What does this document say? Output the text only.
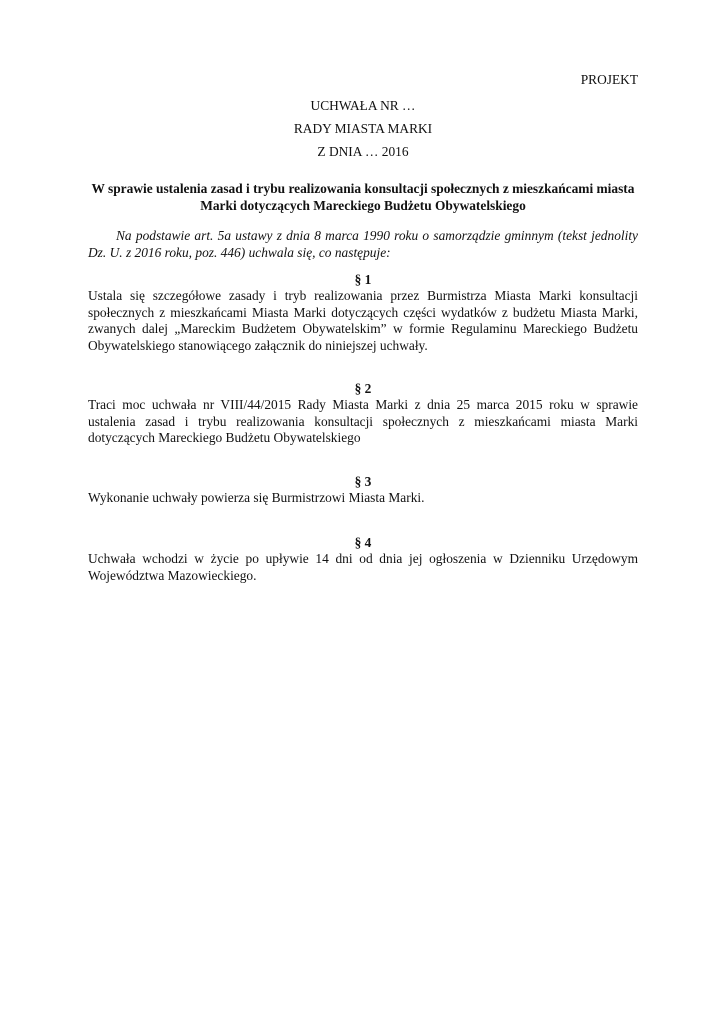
PROJEKT

UCHWAŁA NR …

RADY MIASTA MARKI

Z DNIA … 2016

W sprawie ustalenia zasad i trybu realizowania konsultacji społecznych z mieszkańcami miasta Marki dotyczących Mareckiego Budżetu Obywatelskiego

Na podstawie art. 5a ustawy z dnia 8 marca 1990 roku o samorządzie gminnym (tekst jednolity Dz. U. z 2016 roku, poz. 446) uchwala się, co następuje:

§ 1

Ustala się szczegółowe zasady i tryb realizowania przez Burmistrza Miasta Marki konsultacji społecznych z mieszkańcami Miasta Marki dotyczących części wydatków z budżetu Miasta Marki, zwanych dalej „Mareckim Budżetem Obywatelskim” w formie Regulaminu Mareckiego Budżetu Obywatelskiego stanowiącego załącznik do niniejszej uchwały.

§ 2

Traci moc uchwała nr VIII/44/2015 Rady Miasta Marki z dnia 25 marca 2015 roku w sprawie ustalenia zasad i trybu realizowania konsultacji społecznych z mieszkańcami miasta Marki dotyczących Mareckiego Budżetu Obywatelskiego

§ 3

Wykonanie uchwały powierza się Burmistrzowi Miasta Marki.

§ 4

Uchwała wchodzi w życie po upływie 14 dni od dnia jej ogłoszenia w Dzienniku Urzędowym Województwa Mazowieckiego.
